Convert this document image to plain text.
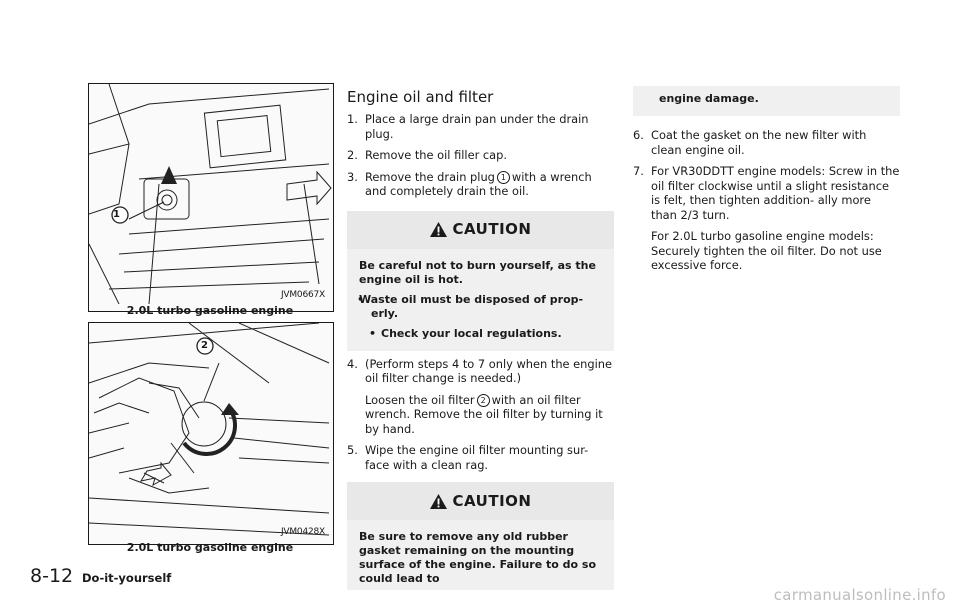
1
JVM0667X
2.0L turbo gasoline engine
2
JVM0428X
2.0L turbo gasoline engine
Engine oil and filter
1. Place a large drain pan under the drain plug.
2. Remove the oil filler cap.
3. Remove the drain plug 1 with a wrench and completely drain the oil.
CAUTION

Be careful not to burn yourself, as the engine oil is hot.

• Waste oil must be disposed of prop- erly.
• Check your local regulations.
4. (Perform steps 4 to 7 only when the engine oil filter change is needed.)
Loosen the oil filter 2 with an oil filter wrench. Remove the oil filter by turning it by hand.
5. Wipe the engine oil filter mounting sur- face with a clean rag.
CAUTION

Be sure to remove any old rubber gasket remaining on the mounting surface of the engine. Failure to do so could lead to

engine damage.
6. Coat the gasket on the new filter with clean engine oil.
7. For VR30DDTT engine models: Screw in the oil filter clockwise until a slight resistance is felt, then tighten addition- ally more than 2/3 turn.
For 2.0L turbo gasoline engine models: Securely tighten the oil filter. Do not use excessive force.
8-12 Do-it-yourself
carmanualsonline.info
